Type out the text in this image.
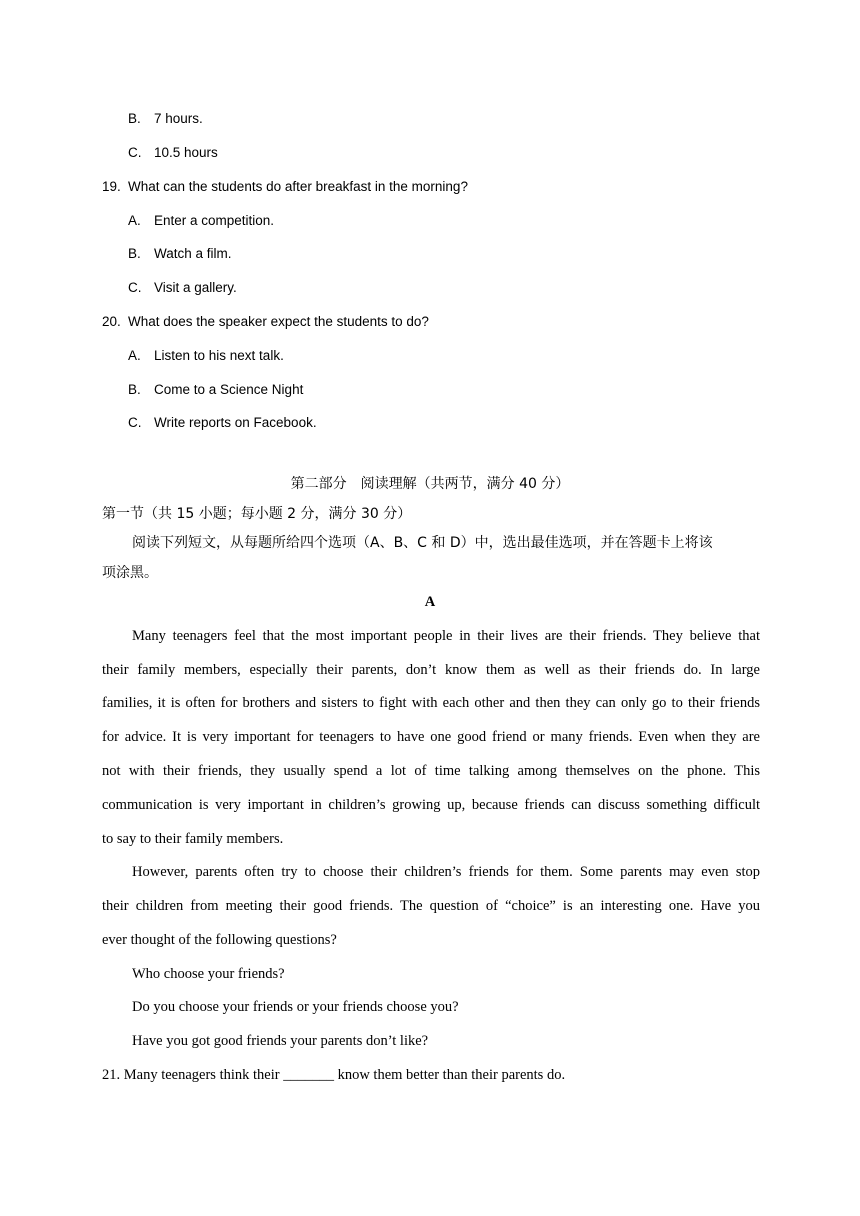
B. 7 hours.
C. 10.5 hours
19. What can the students do after breakfast in the morning?
A. Enter a competition.
B. Watch a film.
C. Visit a gallery.
20. What does the speaker expect the students to do?
A. Listen to his next talk.
B. Come to a Science Night
C. Write reports on Facebook.
第二部分　阅读理解（共两节，满分 40 分）
第一节（共 15 小题；每小题 2 分，满分 30 分）
阅读下列短文，从每题所给四个选项（A、B、C 和 D）中，选出最佳选项，并在答题卡上将该
项涂黑。
A
Many teenagers feel that the most important people in their lives are their friends. They believe that
their family members, especially their parents, don’t know them as well as their friends do. In large
families, it is often for brothers and sisters to fight with each other and then they can only go to their friends
for advice. It is very important for teenagers to have one good friend or many friends. Even when they are
not with their friends, they usually spend a lot of time talking among themselves on the phone. This
communication is very important in children’s growing up, because friends can discuss something difficult
to say to their family members.
However, parents often try to choose their children’s friends for them. Some parents may even stop
their children from meeting their good friends. The question of “choice” is an interesting one. Have you
ever thought of the following questions?
Who choose your friends?
Do you choose your friends or your friends choose you?
Have you got good friends your parents don’t like?
21. Many teenagers think their _______ know them better than their parents do.
